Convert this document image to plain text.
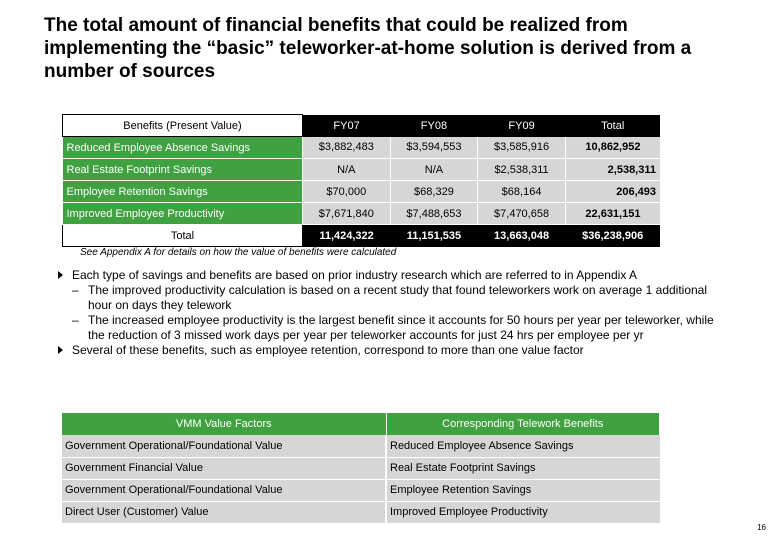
The total amount of financial benefits that could be realized from implementing the “basic” teleworker-at-home solution is derived from a number of sources
Benefits (Present Value)	FY07	FY08	FY09	Total
Reduced Employee Absence Savings	$3,882,483	$3,594,553	$3,585,916	10,862,952
Real Estate Footprint Savings	N/A	N/A	$2,538,311	2,538,311
Employee Retention Savings	$70,000	$68,329	$68,164	206,493
Improved Employee Productivity	$7,671,840	$7,488,653	$7,470,658	22,631,151
Total	11,424,322	11,151,535	13,663,048	$36,238,906
See Appendix A for details on how the value of benefits were calculated
Each type of savings and benefits are based on prior industry research which are referred to in Appendix A
– The improved productivity calculation is based on a recent study that found teleworkers work on average 1 additional hour on days they telework
– The increased employee productivity is the largest benefit since it accounts for 50 hours per year per teleworker, while the reduction of 3 missed work days per year per teleworker accounts for just 24 hrs per employee per yr
Several of these benefits, such as employee retention, correspond to more than one value factor
VMM Value Factors	Corresponding Telework Benefits
Government Operational/Foundational Value	Reduced Employee Absence Savings
Government Financial Value	Real Estate Footprint Savings
Government Operational/Foundational Value	Employee Retention Savings
Direct User (Customer) Value	Improved Employee Productivity
16
